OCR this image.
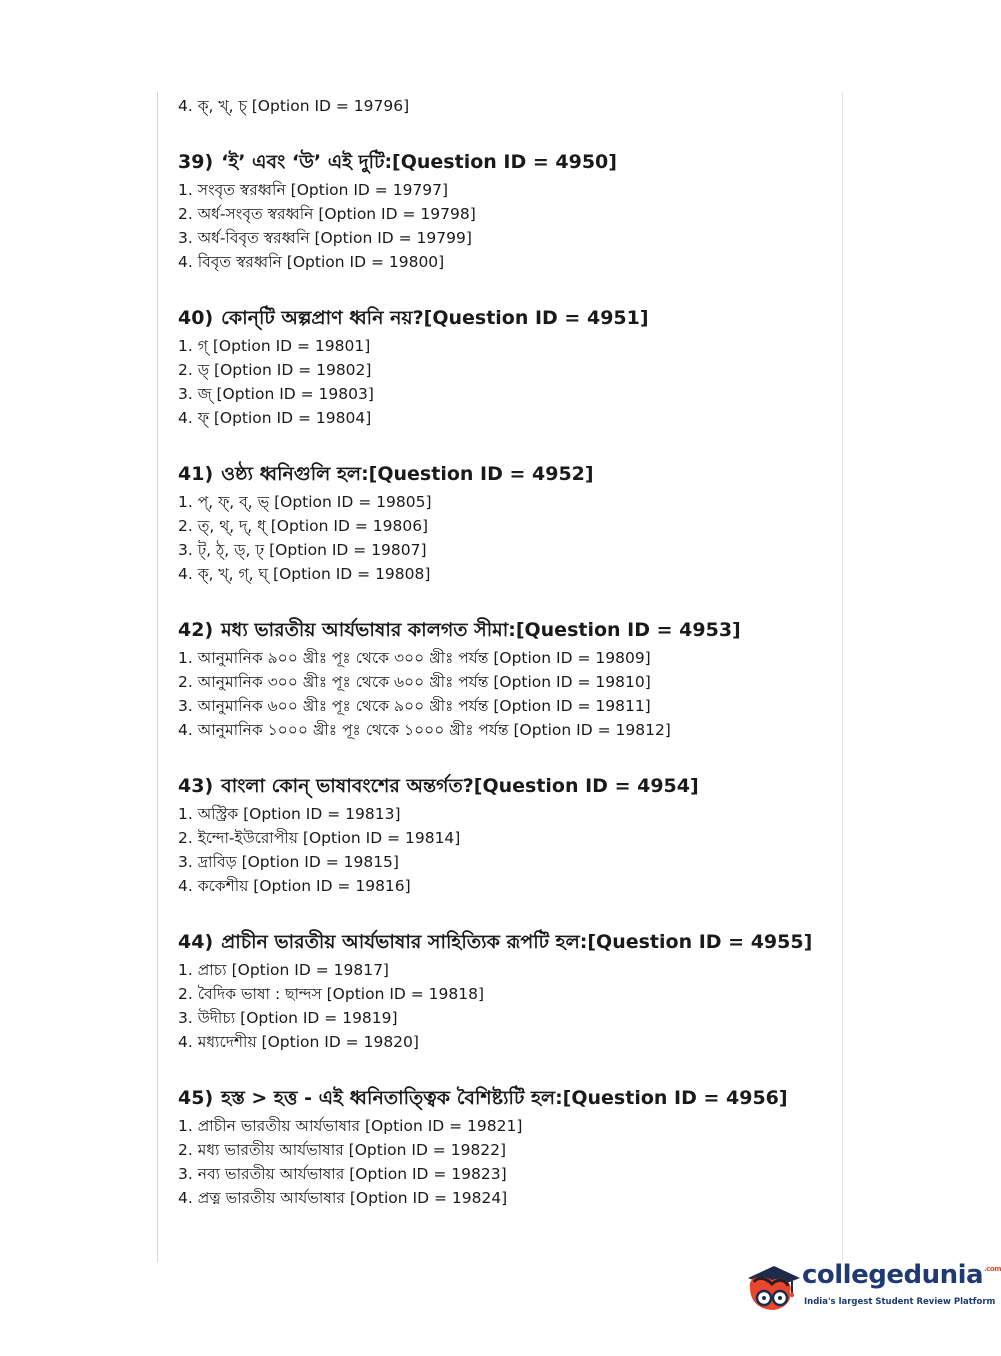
4. ক্, খ্, চ্ [Option ID = 19796]
39) ‘ই’ এবং ‘উ’ এই দুটি:[Question ID = 4950]
1. সংবৃত স্বরধ্বনি [Option ID = 19797]
2. অর্ধ-সংবৃত স্বরধ্বনি [Option ID = 19798]
3. অর্ধ-বিবৃত স্বরধ্বনি [Option ID = 19799]
4. বিবৃত স্বরধ্বনি [Option ID = 19800]
40) কোন্‌টি অল্পপ্রাণ ধ্বনি নয়?[Question ID = 4951]
1. গ্ [Option ID = 19801]
2. ড্ [Option ID = 19802]
3. জ্ [Option ID = 19803]
4. ফ্ [Option ID = 19804]
41) ওষ্ঠ্য ধ্বনিগুলি হল:[Question ID = 4952]
1. প্, ফ্, ব্, ভ্ [Option ID = 19805]
2. ত্, থ্, দ্, ধ্ [Option ID = 19806]
3. ট্, ঠ্, ড্, ঢ্ [Option ID = 19807]
4. ক্, খ্, গ্, ঘ্ [Option ID = 19808]
42) মধ্য ভারতীয় আর্যভাষার কালগত সীমা:[Question ID = 4953]
1. আনুমানিক ৯০০ খ্রীঃ পূঃ থেকে ৩০০ খ্রীঃ পর্যন্ত [Option ID = 19809]
2. আনুমানিক ৩০০ খ্রীঃ পূঃ থেকে ৬০০ খ্রীঃ পর্যন্ত [Option ID = 19810]
3. আনুমানিক ৬০০ খ্রীঃ পূঃ থেকে ৯০০ খ্রীঃ পর্যন্ত [Option ID = 19811]
4. আনুমানিক ১০০০ খ্রীঃ পূঃ থেকে ১০০০ খ্রীঃ পর্যন্ত [Option ID = 19812]
43) বাংলা কোন্ ভাষাবংশের অন্তর্গত?[Question ID = 4954]
1. অস্ট্রিক [Option ID = 19813]
2. ইন্দো-ইউরোপীয় [Option ID = 19814]
3. দ্রাবিড় [Option ID = 19815]
4. ককেশীয় [Option ID = 19816]
44) প্রাচীন ভারতীয় আর্যভাষার সাহিত্যিক রূপটি হল:[Question ID = 4955]
1. প্রাচ্য [Option ID = 19817]
2. বৈদিক ভাষা : ছান্দস [Option ID = 19818]
3. উদীচ্য [Option ID = 19819]
4. মধ্যদেশীয় [Option ID = 19820]
45) হস্ত > হত্ত - এই ধ্বনিতাত্ত্বিক বৈশিষ্ট্যটি হল:[Question ID = 4956]
1. প্রাচীন ভারতীয় আর্যভাষার [Option ID = 19821]
2. মধ্য ভারতীয় আর্যভাষার [Option ID = 19822]
3. নব্য ভারতীয় আর্যভাষার [Option ID = 19823]
4. প্রত্ন ভারতীয় আর্যভাষার [Option ID = 19824]
collegedunia$^{.com}$
India's largest Student Review Platform
